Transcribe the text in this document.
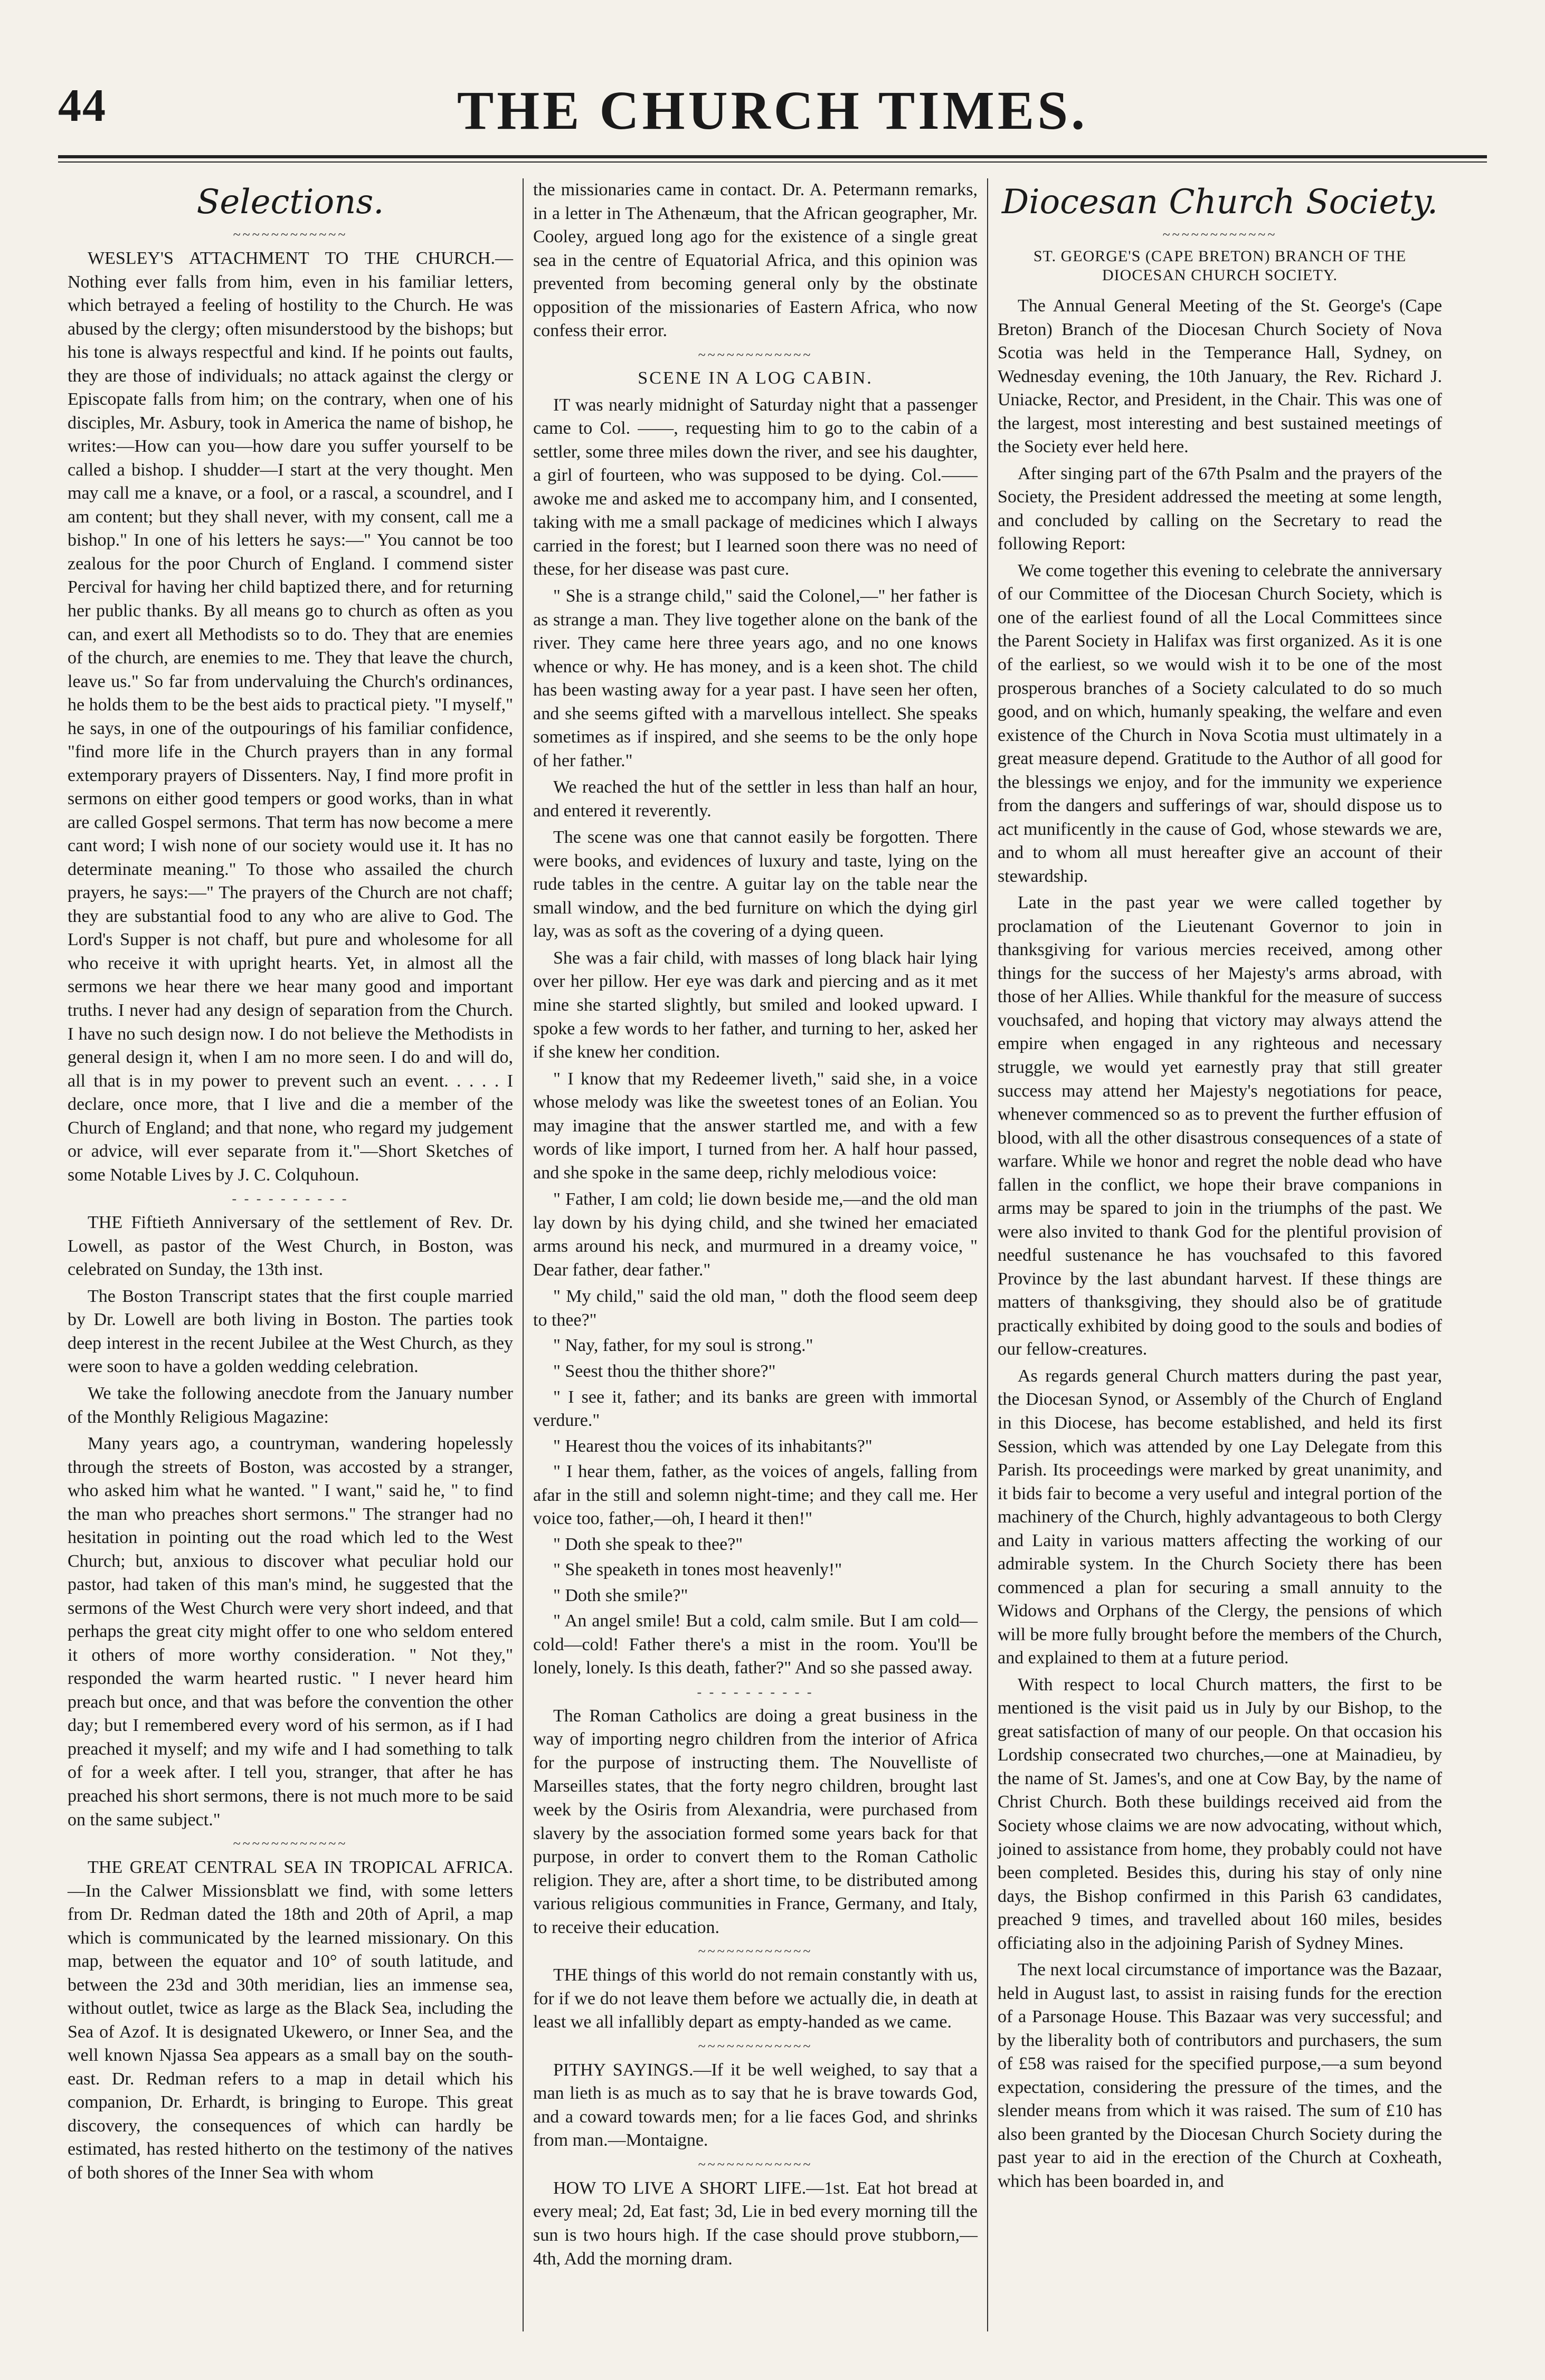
44	THE CHURCH TIMES.
Selections.
~~~~~~~~~~~~

WESLEY'S ATTACHMENT TO THE CHURCH.—Nothing ever falls from him, even in his familiar letters, which betrayed a feeling of hostility to the Church. He was abused by the clergy; often misunderstood by the bishops; but his tone is always respectful and kind. If he points out faults, they are those of individuals; no attack against the clergy or Episcopate falls from him; on the contrary, when one of his disciples, Mr. Asbury, took in America the name of bishop, he writes:—How can you—how dare you suffer yourself to be called a bishop. I shudder—I start at the very thought. Men may call me a knave, or a fool, or a rascal, a scoundrel, and I am content; but they shall never, with my consent, call me a bishop." In one of his letters he says:—" You cannot be too zealous for the poor Church of England. I commend sister Percival for having her child baptized there, and for returning her public thanks. By all means go to church as often as you can, and exert all Methodists so to do. They that are enemies of the church, are enemies to me. They that leave the church, leave us." So far from undervaluing the Church's ordinances, he holds them to be the best aids to practical piety. "I myself," he says, in one of the outpourings of his familiar confidence, "find more life in the Church prayers than in any formal extemporary prayers of Dissenters. Nay, I find more profit in sermons on either good tempers or good works, than in what are called Gospel sermons. That term has now become a mere cant word; I wish none of our society would use it. It has no determinate meaning." To those who assailed the church prayers, he says:—" The prayers of the Church are not chaff; they are substantial food to any who are alive to God. The Lord's Supper is not chaff, but pure and wholesome for all who receive it with upright hearts. Yet, in almost all the sermons we hear there we hear many good and important truths. I never had any design of separation from the Church. I have no such design now. I do not believe the Methodists in general design it, when I am no more seen. I do and will do, all that is in my power to prevent such an event. . . . . I declare, once more, that I live and die a member of the Church of England; and that none, who regard my judgement or advice, will ever separate from it."—Short Sketches of some Notable Lives by J. C. Colquhoun.

- - - - - - - - - -

THE Fiftieth Anniversary of the settlement of Rev. Dr. Lowell, as pastor of the West Church, in Boston, was celebrated on Sunday, the 13th inst.

The Boston Transcript states that the first couple married by Dr. Lowell are both living in Boston. The parties took deep interest in the recent Jubilee at the West Church, as they were soon to have a golden wedding celebration.

We take the following anecdote from the January number of the Monthly Religious Magazine:

Many years ago, a countryman, wandering hopelessly through the streets of Boston, was accosted by a stranger, who asked him what he wanted. " I want," said he, " to find the man who preaches short sermons." The stranger had no hesitation in pointing out the road which led to the West Church; but, anxious to discover what peculiar hold our pastor, had taken of this man's mind, he suggested that the sermons of the West Church were very short indeed, and that perhaps the great city might offer to one who seldom entered it others of more worthy consideration. " Not they," responded the warm hearted rustic. " I never heard him preach but once, and that was before the convention the other day; but I remembered every word of his sermon, as if I had preached it myself; and my wife and I had something to talk of for a week after. I tell you, stranger, that after he has preached his short sermons, there is not much more to be said on the same subject."

~~~~~~~~~~~~

THE GREAT CENTRAL SEA IN TROPICAL AFRICA. —In the Calwer Missionsblatt we find, with some letters from Dr. Redman dated the 18th and 20th of April, a map which is communicated by the learned missionary. On this map, between the equator and 10° of south latitude, and between the 23d and 30th meridian, lies an immense sea, without outlet, twice as large as the Black Sea, including the Sea of Azof. It is designated Ukewero, or Inner Sea, and the well known Njassa Sea appears as a small bay on the south-east. Dr. Redman refers to a map in detail which his companion, Dr. Erhardt, is bringing to Europe. This great discovery, the consequences of which can hardly be estimated, has rested hitherto on the testimony of the natives of both shores of the Inner Sea with whom

the missionaries came in contact. Dr. A. Petermann remarks, in a letter in The Athenæum, that the African geographer, Mr. Cooley, argued long ago for the existence of a single great sea in the centre of Equatorial Africa, and this opinion was prevented from becoming general only by the obstinate opposition of the missionaries of Eastern Africa, who now confess their error.

~~~~~~~~~~~~
SCENE IN A LOG CABIN.

IT was nearly midnight of Saturday night that a passenger came to Col. ——, requesting him to go to the cabin of a settler, some three miles down the river, and see his daughter, a girl of fourteen, who was supposed to be dying. Col.—— awoke me and asked me to accompany him, and I consented, taking with me a small package of medicines which I always carried in the forest; but I learned soon there was no need of these, for her disease was past cure.

" She is a strange child," said the Colonel,—" her father is as strange a man. They live together alone on the bank of the river. They came here three years ago, and no one knows whence or why. He has money, and is a keen shot. The child has been wasting away for a year past. I have seen her often, and she seems gifted with a marvellous intellect. She speaks sometimes as if inspired, and she seems to be the only hope of her father."

We reached the hut of the settler in less than half an hour, and entered it reverently.

The scene was one that cannot easily be forgotten. There were books, and evidences of luxury and taste, lying on the rude tables in the centre. A guitar lay on the table near the small window, and the bed furniture on which the dying girl lay, was as soft as the covering of a dying queen.

She was a fair child, with masses of long black hair lying over her pillow. Her eye was dark and piercing and as it met mine she started slightly, but smiled and looked upward. I spoke a few words to her father, and turning to her, asked her if she knew her condition.

" I know that my Redeemer liveth," said she, in a voice whose melody was like the sweetest tones of an Eolian. You may imagine that the answer startled me, and with a few words of like import, I turned from her. A half hour passed, and she spoke in the same deep, richly melodious voice:

" Father, I am cold; lie down beside me,—and the old man lay down by his dying child, and she twined her emaciated arms around his neck, and murmured in a dreamy voice, " Dear father, dear father."

" My child," said the old man, " doth the flood seem deep to thee?"

" Nay, father, for my soul is strong."

" Seest thou the thither shore?"

" I see it, father; and its banks are green with immortal verdure."

" Hearest thou the voices of its inhabitants?"

" I hear them, father, as the voices of angels, falling from afar in the still and solemn night-time; and they call me. Her voice too, father,—oh, I heard it then!"

" Doth she speak to thee?"

" She speaketh in tones most heavenly!"

" Doth she smile?"

" An angel smile! But a cold, calm smile. But I am cold—cold—cold! Father there's a mist in the room. You'll be lonely, lonely. Is this death, father?" And so she passed away.

- - - - - - - - - -

The Roman Catholics are doing a great business in the way of importing negro children from the interior of Africa for the purpose of instructing them. The Nouvelliste of Marseilles states, that the forty negro children, brought last week by the Osiris from Alexandria, were purchased from slavery by the association formed some years back for that purpose, in order to convert them to the Roman Catholic religion. They are, after a short time, to be distributed among various religious communities in France, Germany, and Italy, to receive their education.

~~~~~~~~~~~~

THE things of this world do not remain constantly with us, for if we do not leave them before we actually die, in death at least we all infallibly depart as empty-handed as we came.

~~~~~~~~~~~~

PITHY SAYINGS.—If it be well weighed, to say that a man lieth is as much as to say that he is brave towards God, and a coward towards men; for a lie faces God, and shrinks from man.—Montaigne.

~~~~~~~~~~~~

HOW TO LIVE A SHORT LIFE.—1st. Eat hot bread at every meal; 2d, Eat fast; 3d, Lie in bed every morning till the sun is two hours high. If the case should prove stubborn,—4th, Add the morning dram.

Diocesan Church Society.
~~~~~~~~~~~~
ST. GEORGE'S (CAPE BRETON) BRANCH OF THE DIOCESAN CHURCH SOCIETY.

The Annual General Meeting of the St. George's (Cape Breton) Branch of the Diocesan Church Society of Nova Scotia was held in the Temperance Hall, Sydney, on Wednesday evening, the 10th January, the Rev. Richard J. Uniacke, Rector, and President, in the Chair. This was one of the largest, most interesting and best sustained meetings of the Society ever held here.

After singing part of the 67th Psalm and the prayers of the Society, the President addressed the meeting at some length, and concluded by calling on the Secretary to read the following Report:

We come together this evening to celebrate the anniversary of our Committee of the Diocesan Church Society, which is one of the earliest found of all the Local Committees since the Parent Society in Halifax was first organized. As it is one of the earliest, so we would wish it to be one of the most prosperous branches of a Society calculated to do so much good, and on which, humanly speaking, the welfare and even existence of the Church in Nova Scotia must ultimately in a great measure depend. Gratitude to the Author of all good for the blessings we enjoy, and for the immunity we experience from the dangers and sufferings of war, should dispose us to act munificently in the cause of God, whose stewards we are, and to whom all must hereafter give an account of their stewardship.

Late in the past year we were called together by proclamation of the Lieutenant Governor to join in thanksgiving for various mercies received, among other things for the success of her Majesty's arms abroad, with those of her Allies. While thankful for the measure of success vouchsafed, and hoping that victory may always attend the empire when engaged in any righteous and necessary struggle, we would yet earnestly pray that still greater success may attend her Majesty's negotiations for peace, whenever commenced so as to prevent the further effusion of blood, with all the other disastrous consequences of a state of warfare. While we honor and regret the noble dead who have fallen in the conflict, we hope their brave companions in arms may be spared to join in the triumphs of the past. We were also invited to thank God for the plentiful provision of needful sustenance he has vouchsafed to this favored Province by the last abundant harvest. If these things are matters of thanksgiving, they should also be of gratitude practically exhibited by doing good to the souls and bodies of our fellow-creatures.

As regards general Church matters during the past year, the Diocesan Synod, or Assembly of the Church of England in this Diocese, has become established, and held its first Session, which was attended by one Lay Delegate from this Parish. Its proceedings were marked by great unanimity, and it bids fair to become a very useful and integral portion of the machinery of the Church, highly advantageous to both Clergy and Laity in various matters affecting the working of our admirable system. In the Church Society there has been commenced a plan for securing a small annuity to the Widows and Orphans of the Clergy, the pensions of which will be more fully brought before the members of the Church, and explained to them at a future period.

With respect to local Church matters, the first to be mentioned is the visit paid us in July by our Bishop, to the great satisfaction of many of our people. On that occasion his Lordship consecrated two churches,—one at Mainadieu, by the name of St. James's, and one at Cow Bay, by the name of Christ Church. Both these buildings received aid from the Society whose claims we are now advocating, without which, joined to assistance from home, they probably could not have been completed. Besides this, during his stay of only nine days, the Bishop confirmed in this Parish 63 candidates, preached 9 times, and travelled about 160 miles, besides officiating also in the adjoining Parish of Sydney Mines.

The next local circumstance of importance was the Bazaar, held in August last, to assist in raising funds for the erection of a Parsonage House. This Bazaar was very successful; and by the liberality both of contributors and purchasers, the sum of £58 was raised for the specified purpose,—a sum beyond expectation, considering the pressure of the times, and the slender means from which it was raised. The sum of £10 has also been granted by the Diocesan Church Society during the past year to aid in the erection of the Church at Coxheath, which has been boarded in, and
